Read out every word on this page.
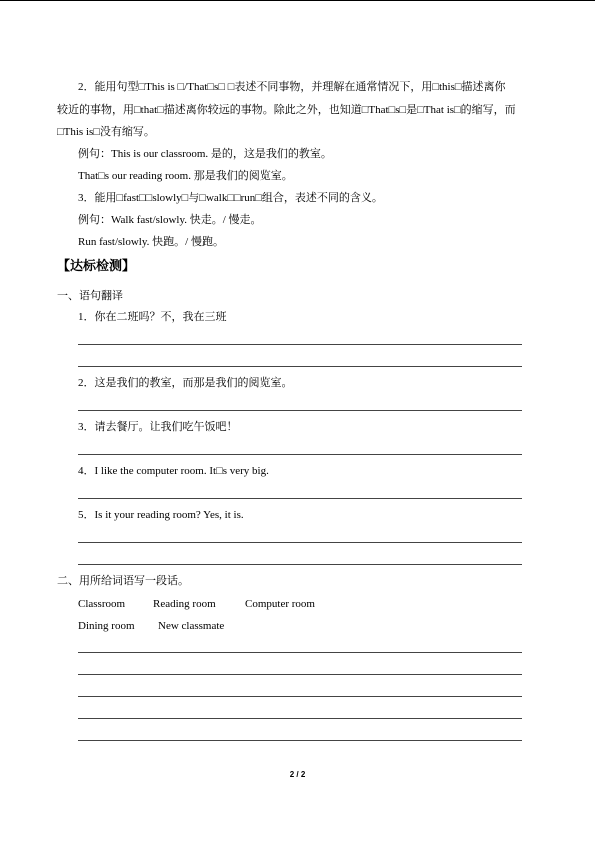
2．能用句型□This is □/That□s□ □表述不同事物，并理解在通常情况下，用□this□描述离你
较近的事物，用□that□描述离你较远的事物。除此之外，也知道□That□s□是□That is□的缩写，而
□This is□没有缩写。
例句：This is our classroom. 是的，这是我们的教室。
That□s our reading room. 那是我们的阅览室。
3．能用□fast□□slowly□与□walk□□run□组合，表述不同的含义。
例句：Walk fast/slowly. 快走。/ 慢走。
Run fast/slowly. 快跑。/ 慢跑。
【达标检测】
一、语句翻译
1．你在二班吗？不，我在三班
2．这是我们的教室，而那是我们的阅览室。
3．请去餐厅。让我们吃午饭吧！
4．I like the computer room. It□s very big.
5．Is it your reading room? Yes, it is.
二、用所给词语写一段话。
Classroom	Reading room	Computer room
Dining room New classmate
2 / 2
